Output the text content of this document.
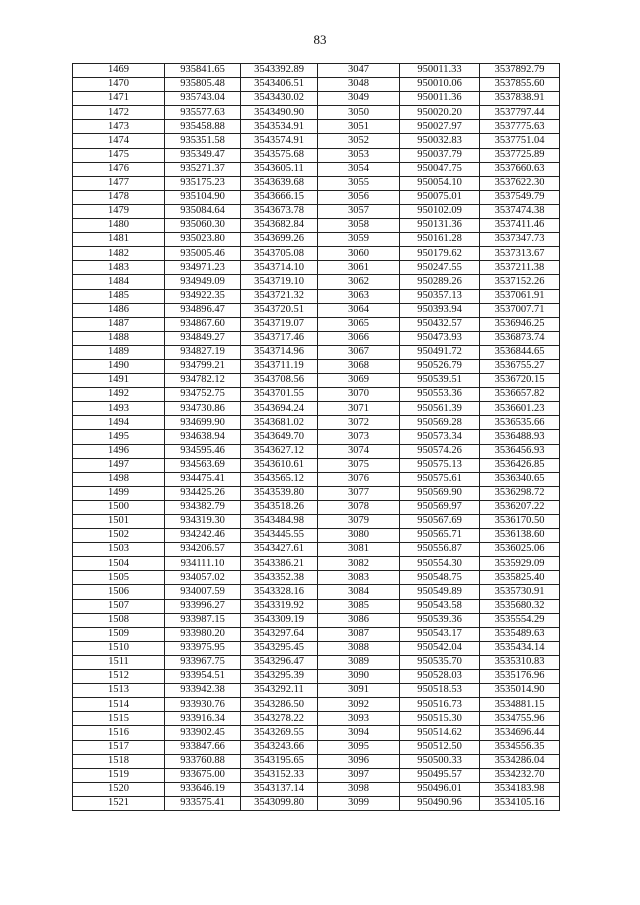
83
1469	935841.65	3543392.89	3047	950011.33	3537892.79
1470	935805.48	3543406.51	3048	950010.06	3537855.60
1471	935743.04	3543430.02	3049	950011.36	3537838.91
1472	935577.63	3543490.90	3050	950020.20	3537797.44
1473	935458.88	3543534.91	3051	950027.97	3537775.63
1474	935351.58	3543574.91	3052	950032.83	3537751.04
1475	935349.47	3543575.68	3053	950037.79	3537725.89
1476	935271.37	3543605.11	3054	950047.75	3537660.63
1477	935175.23	3543639.68	3055	950054.10	3537622.30
1478	935104.90	3543666.15	3056	950075.01	3537549.79
1479	935084.64	3543673.78	3057	950102.09	3537474.38
1480	935060.30	3543682.84	3058	950131.36	3537411.46
1481	935023.80	3543699.26	3059	950161.28	3537347.73
1482	935005.46	3543705.08	3060	950179.62	3537313.67
1483	934971.23	3543714.10	3061	950247.55	3537211.38
1484	934949.09	3543719.10	3062	950289.26	3537152.26
1485	934922.35	3543721.32	3063	950357.13	3537061.91
1486	934896.47	3543720.51	3064	950393.94	3537007.71
1487	934867.60	3543719.07	3065	950432.57	3536946.25
1488	934849.27	3543717.46	3066	950473.93	3536873.74
1489	934827.19	3543714.96	3067	950491.72	3536844.65
1490	934799.21	3543711.19	3068	950526.79	3536755.27
1491	934782.12	3543708.56	3069	950539.51	3536720.15
1492	934752.75	3543701.55	3070	950553.36	3536657.82
1493	934730.86	3543694.24	3071	950561.39	3536601.23
1494	934699.90	3543681.02	3072	950569.28	3536535.66
1495	934638.94	3543649.70	3073	950573.34	3536488.93
1496	934595.46	3543627.12	3074	950574.26	3536456.93
1497	934563.69	3543610.61	3075	950575.13	3536426.85
1498	934475.41	3543565.12	3076	950575.61	3536340.65
1499	934425.26	3543539.80	3077	950569.90	3536298.72
1500	934382.79	3543518.26	3078	950569.97	3536207.22
1501	934319.30	3543484.98	3079	950567.69	3536170.50
1502	934242.46	3543445.55	3080	950565.71	3536138.60
1503	934206.57	3543427.61	3081	950556.87	3536025.06
1504	934111.10	3543386.21	3082	950554.30	3535929.09
1505	934057.02	3543352.38	3083	950548.75	3535825.40
1506	934007.59	3543328.16	3084	950549.89	3535730.91
1507	933996.27	3543319.92	3085	950543.58	3535680.32
1508	933987.15	3543309.19	3086	950539.36	3535554.29
1509	933980.20	3543297.64	3087	950543.17	3535489.63
1510	933975.95	3543295.45	3088	950542.04	3535434.14
1511	933967.75	3543296.47	3089	950535.70	3535310.83
1512	933954.51	3543295.39	3090	950528.03	3535176.96
1513	933942.38	3543292.11	3091	950518.53	3535014.90
1514	933930.76	3543286.50	3092	950516.73	3534881.15
1515	933916.34	3543278.22	3093	950515.30	3534755.96
1516	933902.45	3543269.55	3094	950514.62	3534696.44
1517	933847.66	3543243.66	3095	950512.50	3534556.35
1518	933760.88	3543195.65	3096	950500.33	3534286.04
1519	933675.00	3543152.33	3097	950495.57	3534232.70
1520	933646.19	3543137.14	3098	950496.01	3534183.98
1521	933575.41	3543099.80	3099	950490.96	3534105.16
